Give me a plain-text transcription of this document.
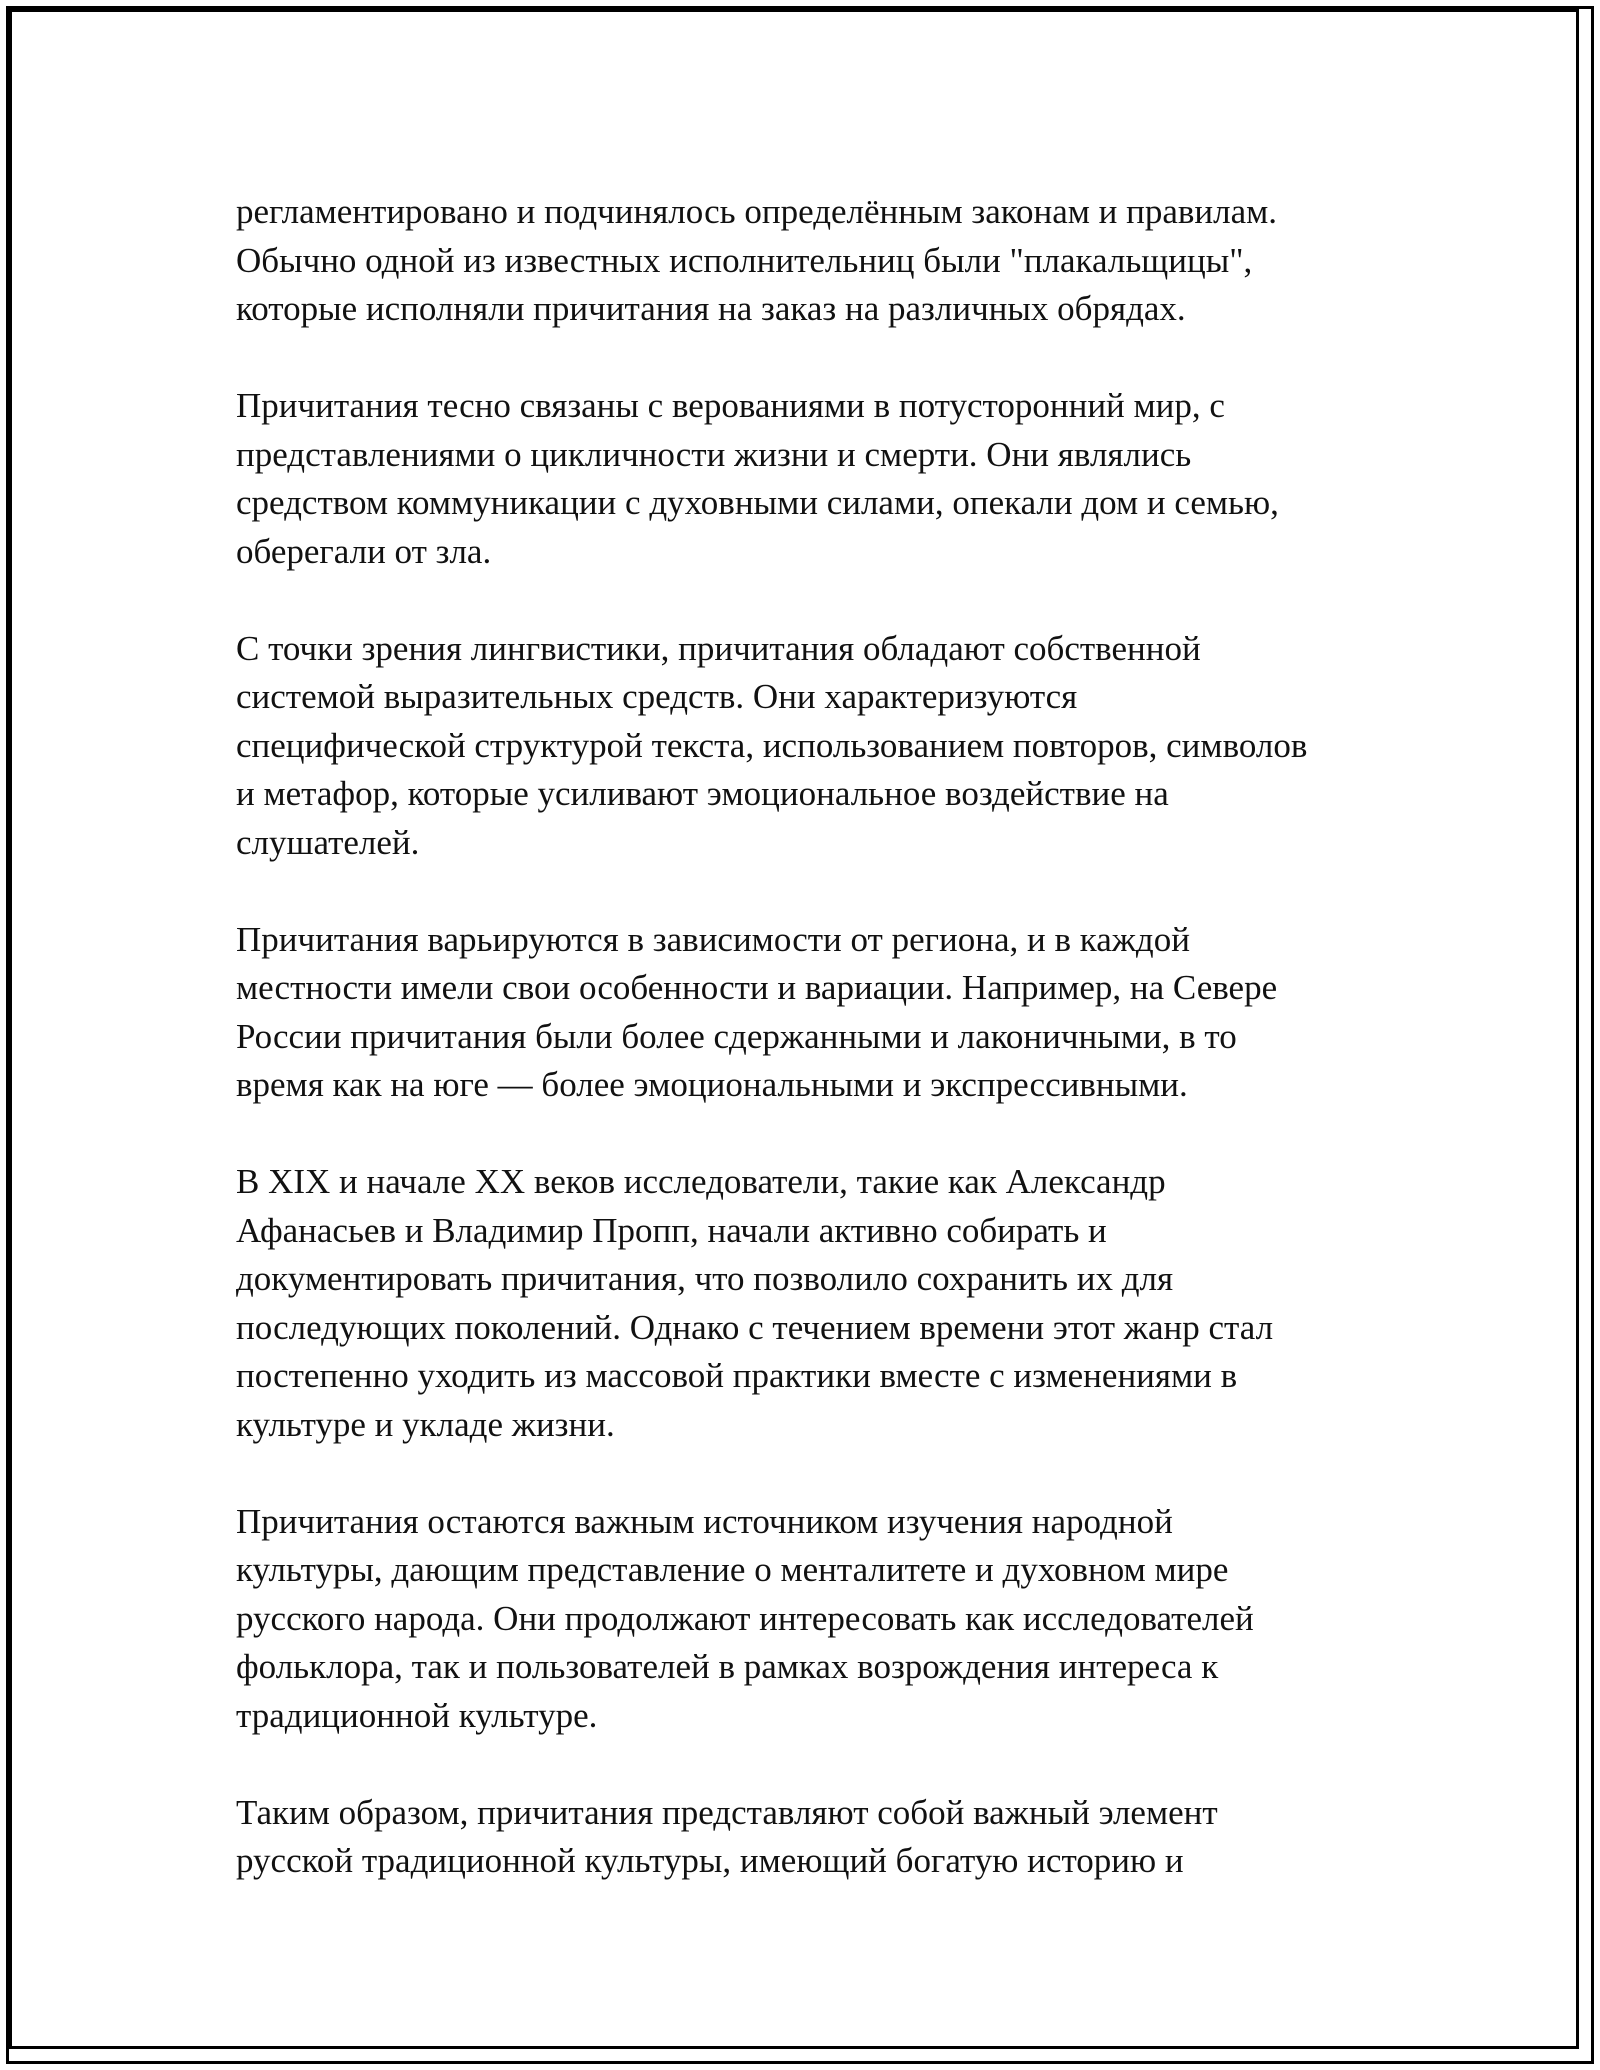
регламентировано и подчинялось определённым законам и правилам.
Обычно одной из известных исполнительниц были "плакальщицы",
которые исполняли причитания на заказ на различных обрядах.

Причитания тесно связаны с верованиями в потусторонний мир, с
представлениями о цикличности жизни и смерти. Они являлись
средством коммуникации с духовными силами, опекали дом и семью,
оберегали от зла.

С точки зрения лингвистики, причитания обладают собственной
системой выразительных средств. Они характеризуются
специфической структурой текста, использованием повторов, символов
и метафор, которые усиливают эмоциональное воздействие на
слушателей.

Причитания варьируются в зависимости от региона, и в каждой
местности имели свои особенности и вариации. Например, на Севере
России причитания были более сдержанными и лаконичными, в то
время как на юге — более эмоциональными и экспрессивными.

В XIX и начале XX веков исследователи, такие как Александр
Афанасьев и Владимир Пропп, начали активно собирать и
документировать причитания, что позволило сохранить их для
последующих поколений. Однако с течением времени этот жанр стал
постепенно уходить из массовой практики вместе с изменениями в
культуре и укладе жизни.

Причитания остаются важным источником изучения народной
культуры, дающим представление о менталитете и духовном мире
русского народа. Они продолжают интересовать как исследователей
фольклора, так и пользователей в рамках возрождения интереса к
традиционной культуре.

Таким образом, причитания представляют собой важный элемент
русской традиционной культуры, имеющий богатую историю и
